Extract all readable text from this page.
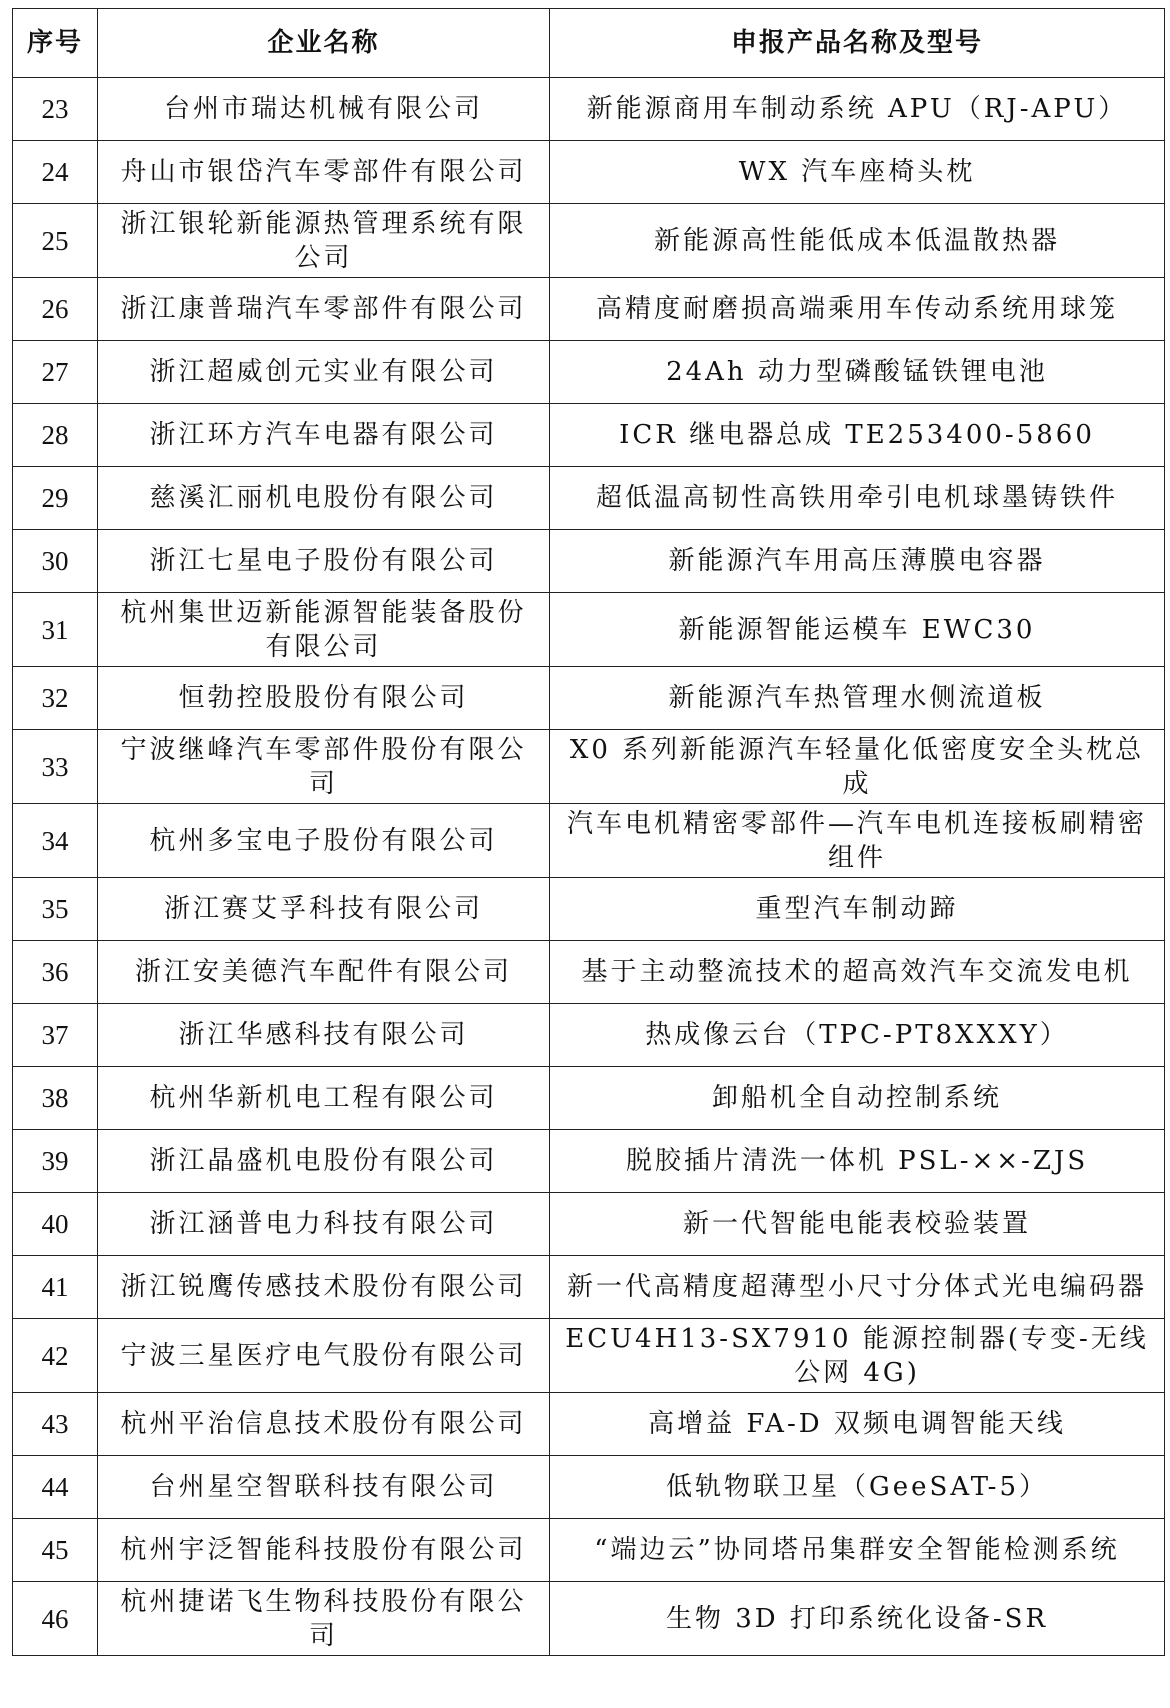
序号	企业名称	申报产品名称及型号
23	台州市瑞达机械有限公司	新能源商用车制动系统 APU（RJ-APU）
24	舟山市银岱汽车零部件有限公司	WX 汽车座椅头枕
25	浙江银轮新能源热管理系统有限公司	新能源高性能低成本低温散热器
26	浙江康普瑞汽车零部件有限公司	高精度耐磨损高端乘用车传动系统用球笼
27	浙江超威创元实业有限公司	24Ah 动力型磷酸锰铁锂电池
28	浙江环方汽车电器有限公司	ICR 继电器总成 TE253400-5860
29	慈溪汇丽机电股份有限公司	超低温高韧性高铁用牵引电机球墨铸铁件
30	浙江七星电子股份有限公司	新能源汽车用高压薄膜电容器
31	杭州集世迈新能源智能装备股份有限公司	新能源智能运模车 EWC30
32	恒勃控股股份有限公司	新能源汽车热管理水侧流道板
33	宁波继峰汽车零部件股份有限公司	X0 系列新能源汽车轻量化低密度安全头枕总成
34	杭州多宝电子股份有限公司	汽车电机精密零部件—汽车电机连接板刷精密组件
35	浙江赛艾孚科技有限公司	重型汽车制动蹄
36	浙江安美德汽车配件有限公司	基于主动整流技术的超高效汽车交流发电机
37	浙江华感科技有限公司	热成像云台（TPC-PT8XXXY）
38	杭州华新机电工程有限公司	卸船机全自动控制系统
39	浙江晶盛机电股份有限公司	脱胶插片清洗一体机 PSL-××-ZJS
40	浙江涵普电力科技有限公司	新一代智能电能表校验装置
41	浙江锐鹰传感技术股份有限公司	新一代高精度超薄型小尺寸分体式光电编码器
42	宁波三星医疗电气股份有限公司	ECU4H13-SX7910 能源控制器(专变-无线公网 4G)
43	杭州平治信息技术股份有限公司	高增益 FA-D 双频电调智能天线
44	台州星空智联科技有限公司	低轨物联卫星（GeeSAT-5）
45	杭州宇泛智能科技股份有限公司	“端边云”协同塔吊集群安全智能检测系统
46	杭州捷诺飞生物科技股份有限公司	生物 3D 打印系统化设备-SR
